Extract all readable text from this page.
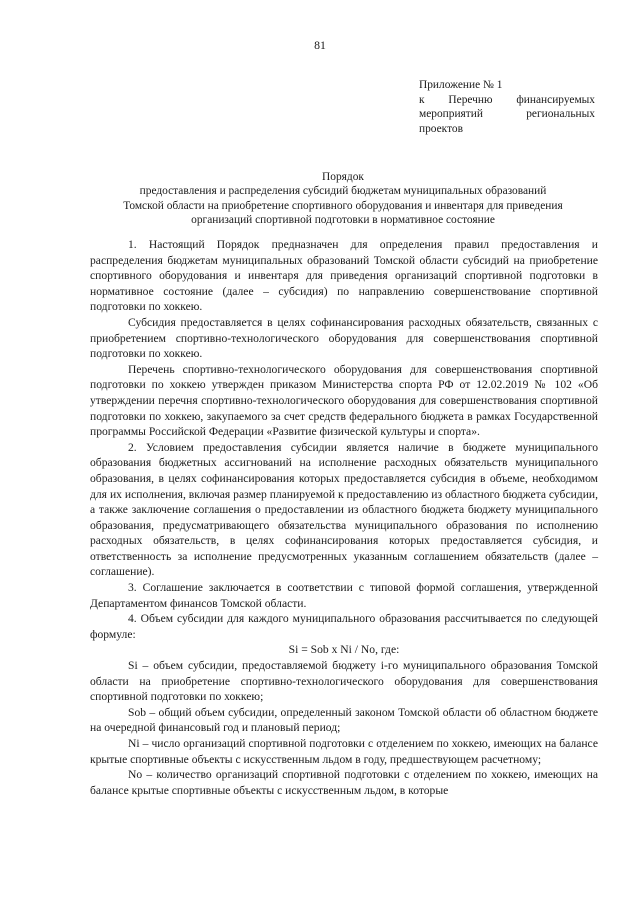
81
Приложение № 1
к Перечню финансируемых
мероприятий региональных
проектов
Порядок
предоставления и распределения субсидий бюджетам муниципальных образований
Томской области на приобретение спортивного оборудования и инвентаря для приведения
организаций спортивной подготовки в нормативное состояние

1. Настоящий Порядок предназначен для определения правил предоставления и распределения бюджетам муниципальных образований Томской области субсидий на приобретение спортивного оборудования и инвентаря для приведения организаций спортивной подготовки в нормативное состояние (далее – субсидия) по направлению совершенствование спортивной подготовки по хоккею.

Субсидия предоставляется в целях софинансирования расходных обязательств, связанных с приобретением спортивно-технологического оборудования для совершенствования спортивной подготовки по хоккею.

Перечень спортивно-технологического оборудования для совершенствования спортивной подготовки по хоккею утвержден приказом Министерства спорта РФ от 12.02.2019 № 102 «Об утверждении перечня спортивно-технологического оборудования для совершенствования спортивной подготовки по хоккею, закупаемого за счет средств федерального бюджета в рамках Государственной программы Российской Федерации «Развитие физической культуры и спорта».

2. Условием предоставления субсидии является наличие в бюджете муниципального образования бюджетных ассигнований на исполнение расходных обязательств муниципального образования, в целях софинансирования которых предоставляется субсидия в объеме, необходимом для их исполнения, включая размер планируемой к предоставлению из областного бюджета субсидии, а также заключение соглашения о предоставлении из областного бюджета бюджету муниципального образования, предусматривающего обязательства муниципального образования по исполнению расходных обязательств, в целях софинансирования которых предоставляется субсидия, и ответственность за исполнение предусмотренных указанным соглашением обязательств (далее – соглашение).

3. Соглашение заключается в соответствии с типовой формой соглашения, утвержденной Департаментом финансов Томской области.

4. Объем субсидии для каждого муниципального образования рассчитывается по следующей формуле:

Si = Sob x Ni / No, где:

Si – объем субсидии, предоставляемой бюджету i-го муниципального образования Томской области на приобретение спортивно-технологического оборудования для совершенствования спортивной подготовки по хоккею;

Sob – общий объем субсидии, определенный законом Томской области об областном бюджете на очередной финансовый год и плановый период;

Ni – число организаций спортивной подготовки с отделением по хоккею, имеющих на балансе крытые спортивные объекты с искусственным льдом в году, предшествующем расчетному;

No – количество организаций спортивной подготовки с отделением по хоккею, имеющих на балансе крытые спортивные объекты с искусственным льдом, в которые
